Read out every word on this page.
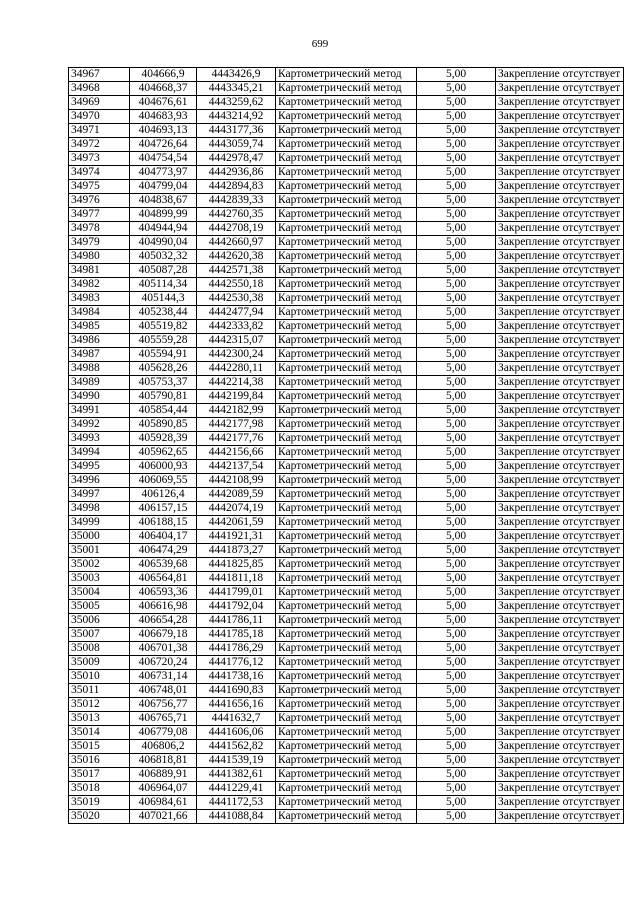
699
34967	404666,9	4443426,9	Картометрический метод	5,00	Закрепление отсутствует
34968	404668,37	4443345,21	Картометрический метод	5,00	Закрепление отсутствует
34969	404676,61	4443259,62	Картометрический метод	5,00	Закрепление отсутствует
34970	404683,93	4443214,92	Картометрический метод	5,00	Закрепление отсутствует
34971	404693,13	4443177,36	Картометрический метод	5,00	Закрепление отсутствует
34972	404726,64	4443059,74	Картометрический метод	5,00	Закрепление отсутствует
34973	404754,54	4442978,47	Картометрический метод	5,00	Закрепление отсутствует
34974	404773,97	4442936,86	Картометрический метод	5,00	Закрепление отсутствует
34975	404799,04	4442894,83	Картометрический метод	5,00	Закрепление отсутствует
34976	404838,67	4442839,33	Картометрический метод	5,00	Закрепление отсутствует
34977	404899,99	4442760,35	Картометрический метод	5,00	Закрепление отсутствует
34978	404944,94	4442708,19	Картометрический метод	5,00	Закрепление отсутствует
34979	404990,04	4442660,97	Картометрический метод	5,00	Закрепление отсутствует
34980	405032,32	4442620,38	Картометрический метод	5,00	Закрепление отсутствует
34981	405087,28	4442571,38	Картометрический метод	5,00	Закрепление отсутствует
34982	405114,34	4442550,18	Картометрический метод	5,00	Закрепление отсутствует
34983	405144,3	4442530,38	Картометрический метод	5,00	Закрепление отсутствует
34984	405238,44	4442477,94	Картометрический метод	5,00	Закрепление отсутствует
34985	405519,82	4442333,82	Картометрический метод	5,00	Закрепление отсутствует
34986	405559,28	4442315,07	Картометрический метод	5,00	Закрепление отсутствует
34987	405594,91	4442300,24	Картометрический метод	5,00	Закрепление отсутствует
34988	405628,26	4442280,11	Картометрический метод	5,00	Закрепление отсутствует
34989	405753,37	4442214,38	Картометрический метод	5,00	Закрепление отсутствует
34990	405790,81	4442199,84	Картометрический метод	5,00	Закрепление отсутствует
34991	405854,44	4442182,99	Картометрический метод	5,00	Закрепление отсутствует
34992	405890,85	4442177,98	Картометрический метод	5,00	Закрепление отсутствует
34993	405928,39	4442177,76	Картометрический метод	5,00	Закрепление отсутствует
34994	405962,65	4442156,66	Картометрический метод	5,00	Закрепление отсутствует
34995	406000,93	4442137,54	Картометрический метод	5,00	Закрепление отсутствует
34996	406069,55	4442108,99	Картометрический метод	5,00	Закрепление отсутствует
34997	406126,4	4442089,59	Картометрический метод	5,00	Закрепление отсутствует
34998	406157,15	4442074,19	Картометрический метод	5,00	Закрепление отсутствует
34999	406188,15	4442061,59	Картометрический метод	5,00	Закрепление отсутствует
35000	406404,17	4441921,31	Картометрический метод	5,00	Закрепление отсутствует
35001	406474,29	4441873,27	Картометрический метод	5,00	Закрепление отсутствует
35002	406539,68	4441825,85	Картометрический метод	5,00	Закрепление отсутствует
35003	406564,81	4441811,18	Картометрический метод	5,00	Закрепление отсутствует
35004	406593,36	4441799,01	Картометрический метод	5,00	Закрепление отсутствует
35005	406616,98	4441792,04	Картометрический метод	5,00	Закрепление отсутствует
35006	406654,28	4441786,11	Картометрический метод	5,00	Закрепление отсутствует
35007	406679,18	4441785,18	Картометрический метод	5,00	Закрепление отсутствует
35008	406701,38	4441786,29	Картометрический метод	5,00	Закрепление отсутствует
35009	406720,24	4441776,12	Картометрический метод	5,00	Закрепление отсутствует
35010	406731,14	4441738,16	Картометрический метод	5,00	Закрепление отсутствует
35011	406748,01	4441690,83	Картометрический метод	5,00	Закрепление отсутствует
35012	406756,77	4441656,16	Картометрический метод	5,00	Закрепление отсутствует
35013	406765,71	4441632,7	Картометрический метод	5,00	Закрепление отсутствует
35014	406779,08	4441606,06	Картометрический метод	5,00	Закрепление отсутствует
35015	406806,2	4441562,82	Картометрический метод	5,00	Закрепление отсутствует
35016	406818,81	4441539,19	Картометрический метод	5,00	Закрепление отсутствует
35017	406889,91	4441382,61	Картометрический метод	5,00	Закрепление отсутствует
35018	406964,07	4441229,41	Картометрический метод	5,00	Закрепление отсутствует
35019	406984,61	4441172,53	Картометрический метод	5,00	Закрепление отсутствует
35020	407021,66	4441088,84	Картометрический метод	5,00	Закрепление отсутствует
